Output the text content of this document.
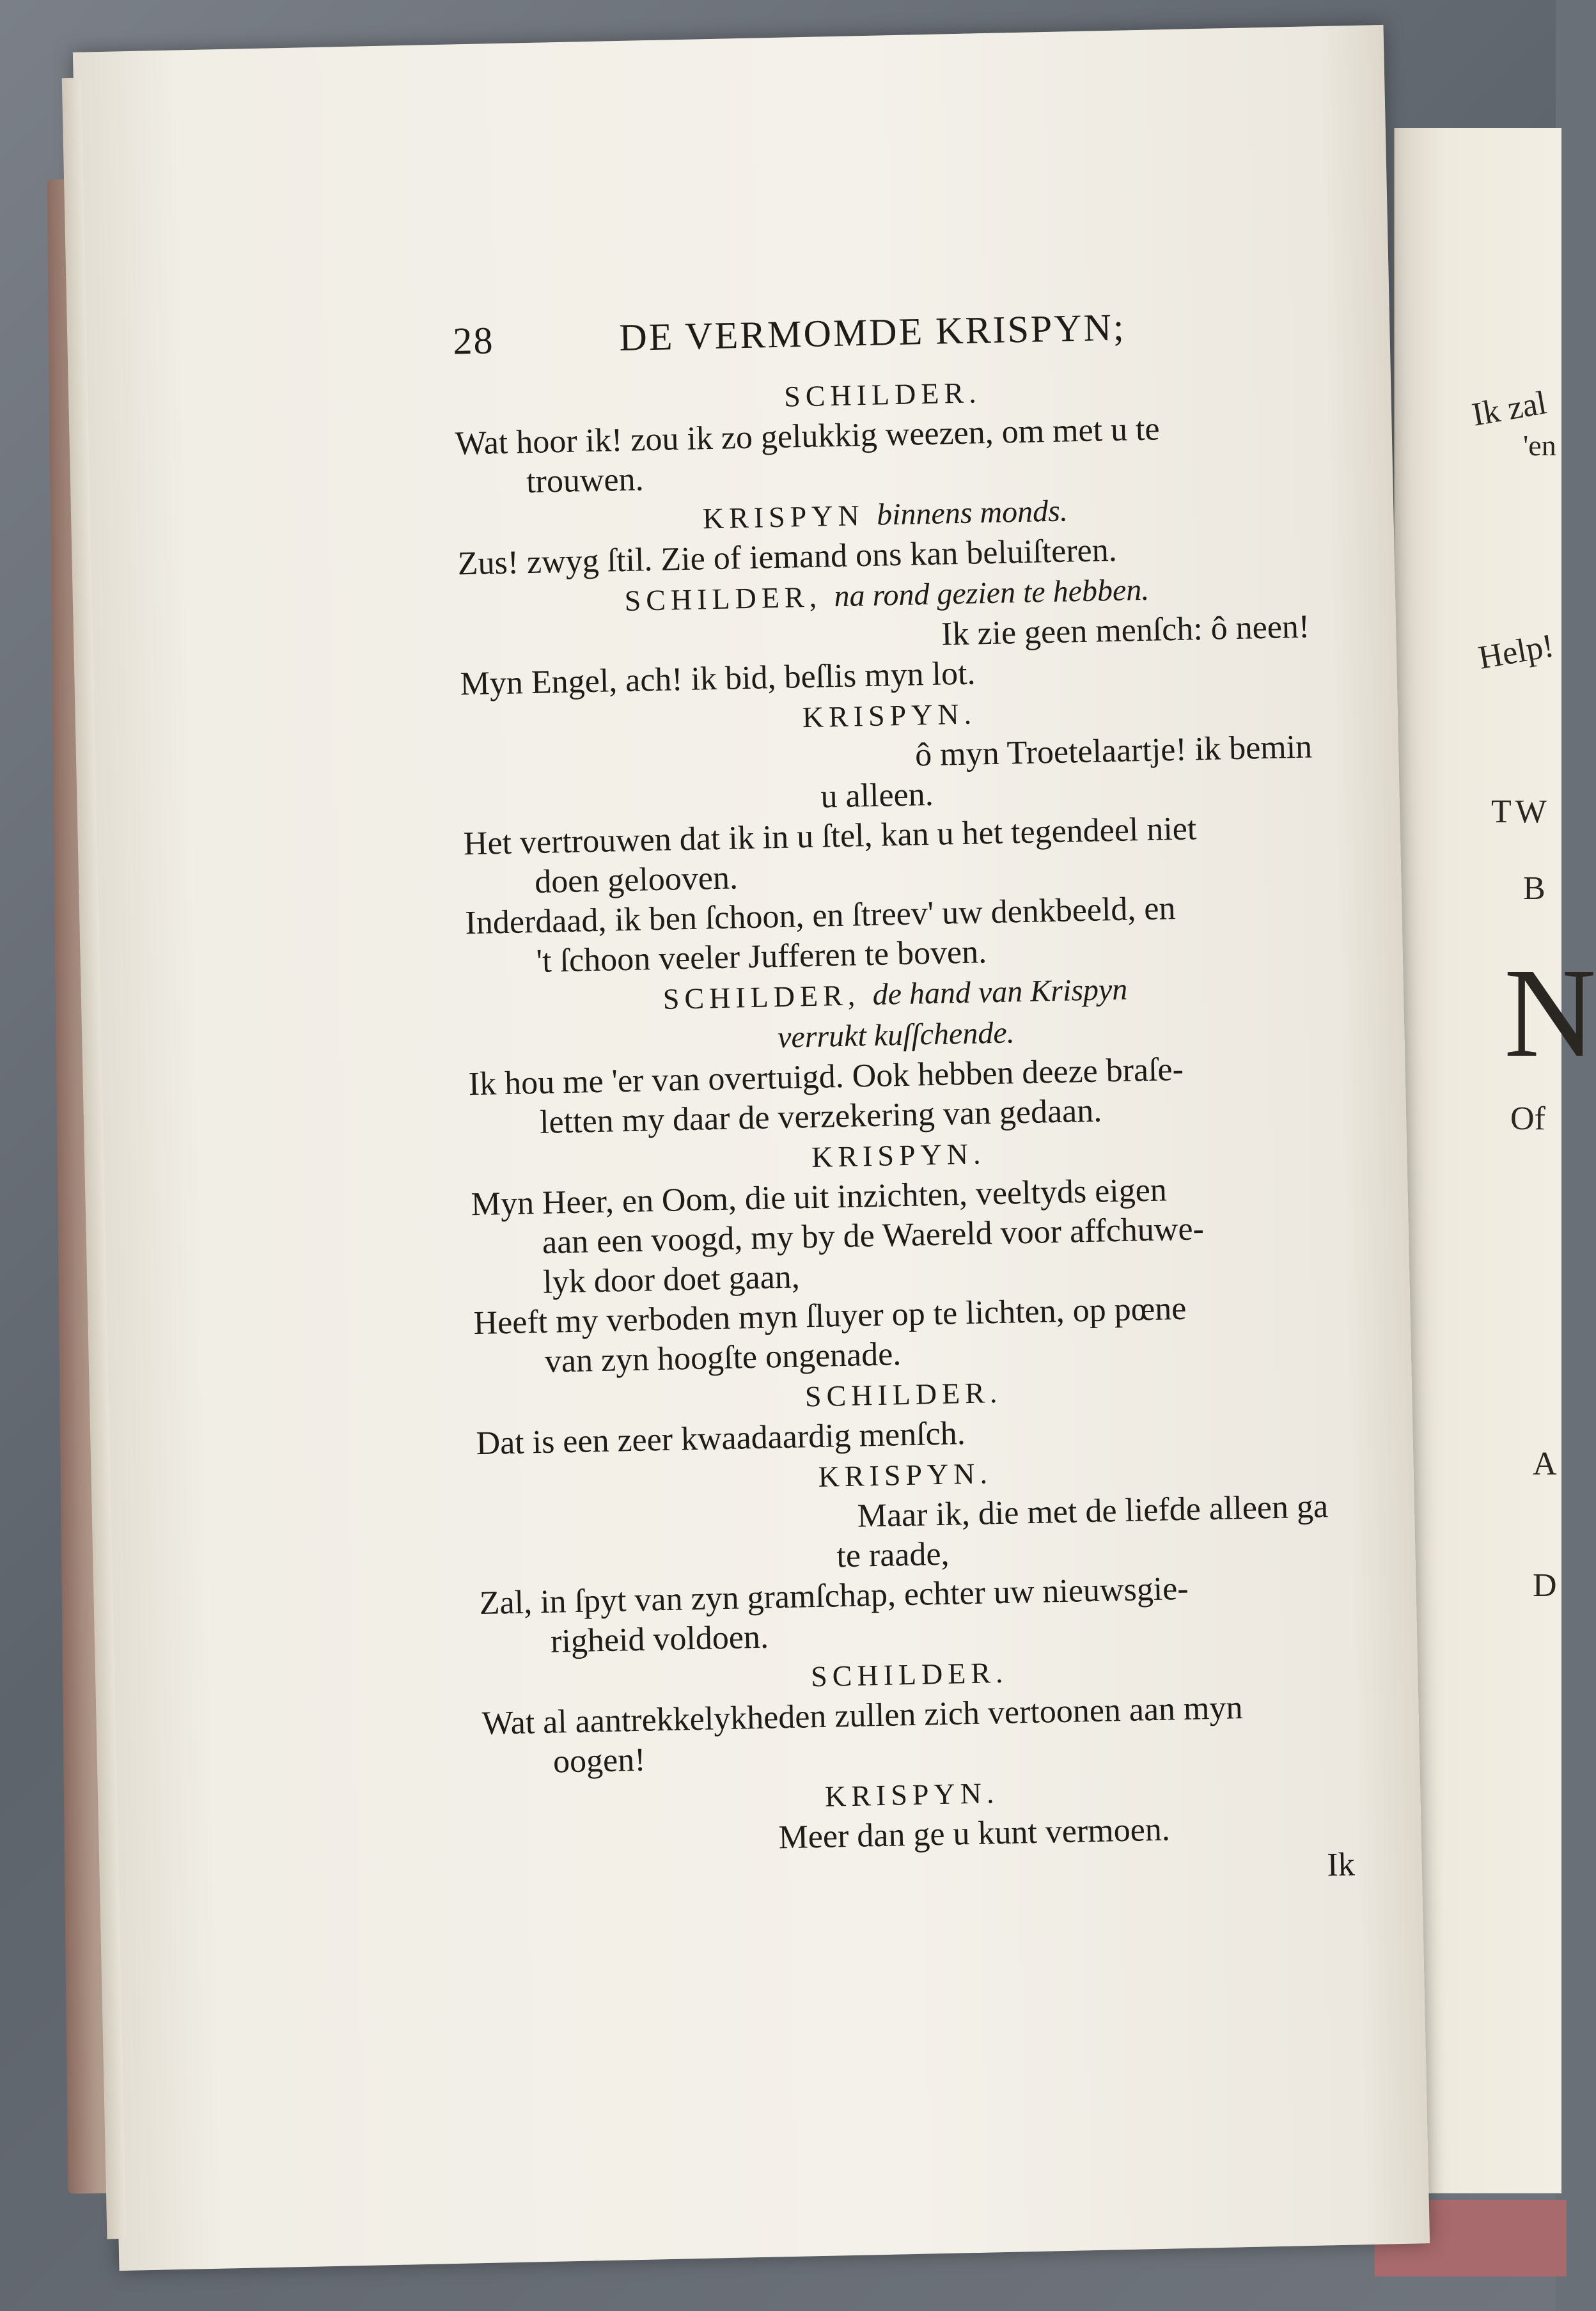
Ik zal
'en
Help!
TW
B
N
Of
A
D
28	DE VERMOMDE KRISPYN;
SCHILDER.
Wat hoor ik! zou ik zo gelukkig weezen, om met u te
trouwen.
KRISPYN binnens monds.
Zus! zwyg ſtil. Zie of iemand ons kan beluiſteren.
SCHILDER, na rond gezien te hebben.
Ik zie geen menſch: ô neen!
Myn Engel, ach! ik bid, beſlis myn lot.
KRISPYN.
ô myn Troetelaartje! ik bemin
u alleen.
Het vertrouwen dat ik in u ſtel, kan u het tegendeel niet
doen gelooven.
Inderdaad, ik ben ſchoon, en ſtreev' uw denkbeeld, en
't ſchoon veeler Jufferen te boven.
SCHILDER, de hand van Krispyn
verrukt kuſſchende.
Ik hou me 'er van overtuigd. Ook hebben deeze braſe-
letten my daar de verzekering van gedaan.
KRISPYN.
Myn Heer, en Oom, die uit inzichten, veeltyds eigen
aan een voogd, my by de Waereld voor affchuwe-
lyk door doet gaan,
Heeft my verboden myn ſluyer op te lichten, op pœne
van zyn hoogſte ongenade.
SCHILDER.
Dat is een zeer kwaadaardig menſch.
KRISPYN.
Maar ik, die met de liefde alleen ga
te raade,
Zal, in ſpyt van zyn gramſchap, echter uw nieuwsgie-
righeid voldoen.
SCHILDER.
Wat al aantrekkelykheden zullen zich vertoonen aan myn
oogen!
KRISPYN.
Meer dan ge u kunt vermoen.
Ik
